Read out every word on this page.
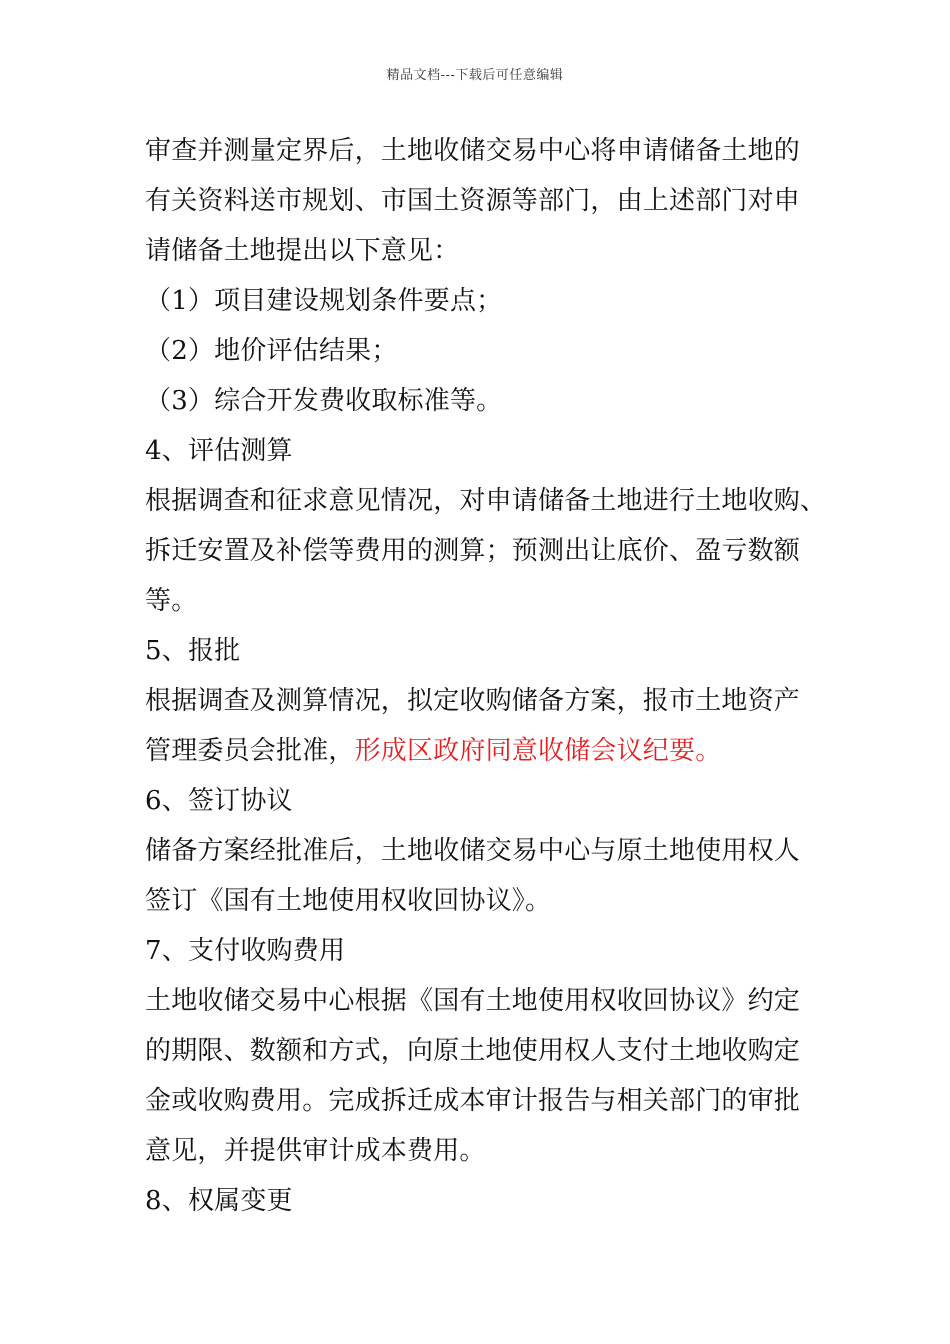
精品文档---下载后可任意编辑
审查并测量定界后，土地收储交易中心将申请储备土地的
有关资料送市规划、市国土资源等部门，由上述部门对申
请储备土地提出以下意见：
（1）项目建设规划条件要点；
（2）地价评估结果；
（3）综合开发费收取标准等。
4、评估测算
根据调查和征求意见情况，对申请储备土地进行土地收购、
拆迁安置及补偿等费用的测算；预测出让底价、盈亏数额
等。
5、报批
根据调查及测算情况，拟定收购储备方案，报市土地资产
管理委员会批准，形成区政府同意收储会议纪要。
6、签订协议
储备方案经批准后，土地收储交易中心与原土地使用权人
签订《国有土地使用权收回协议》。
7、支付收购费用
土地收储交易中心根据《国有土地使用权收回协议》约定
的期限、数额和方式，向原土地使用权人支付土地收购定
金或收购费用。完成拆迁成本审计报告与相关部门的审批
意见，并提供审计成本费用。
8、权属变更
